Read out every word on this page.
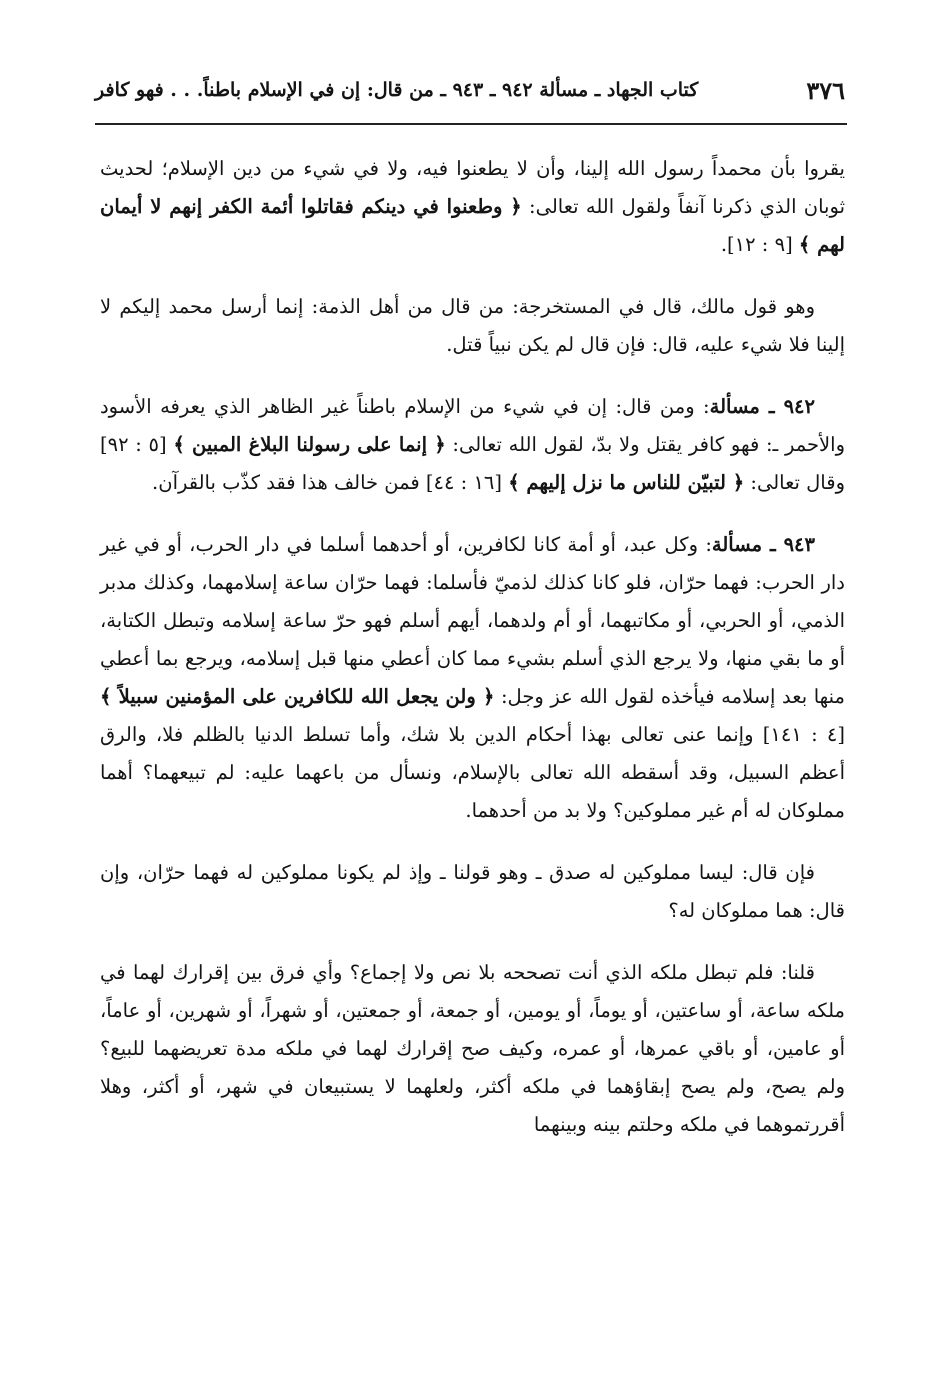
٣٧٦
كتاب الجهاد ـ مسألة ٩٤٢ ـ ٩٤٣ ـ من قال: إن في الإسلام باطناً. . . فهو كافر

يقروا بأن محمداً رسول الله إلينا، وأن لا يطعنوا فيه، ولا في شيء من دين الإسلام؛ لحديث ثوبان الذي ذكرنا آنفاً ولقول الله تعالى: ﴿ وطعنوا في دينكم فقاتلوا أئمة الكفر إنهم لا أيمان لهم ﴾ [٩ : ١٢].

وهو قول مالك، قال في المستخرجة: من قال من أهل الذمة: إنما أرسل محمد إليكم لا إلينا فلا شيء عليه، قال: فإن قال لم يكن نبياً قتل.

٩٤٢ ـ مسألة: ومن قال: إن في شيء من الإسلام باطناً غير الظاهر الذي يعرفه الأسود والأحمر ـ: فهو كافر يقتل ولا بدّ، لقول الله تعالى: ﴿ إنما على رسولنا البلاغ المبين ﴾ [٥ : ٩٢] وقال تعالى: ﴿ لتبيّن للناس ما نزل إليهم ﴾ [١٦ : ٤٤] فمن خالف هذا فقد كذّب بالقرآن.

٩٤٣ ـ مسألة: وكل عبد، أو أمة كانا لكافرين، أو أحدهما أسلما في دار الحرب، أو في غير دار الحرب: فهما حرّان، فلو كانا كذلك لذميّ فأسلما: فهما حرّان ساعة إسلامهما، وكذلك مدبر الذمي، أو الحربي، أو مكاتبهما، أو أم ولدهما، أيهم أسلم فهو حرّ ساعة إسلامه وتبطل الكتابة، أو ما بقي منها، ولا يرجع الذي أسلم بشيء مما كان أعطي منها قبل إسلامه، ويرجع بما أعطي منها بعد إسلامه فيأخذه لقول الله عز وجل: ﴿ ولن يجعل الله للكافرين على المؤمنين سبيلاً ﴾ [٤ : ١٤١] وإنما عنى تعالى بهذا أحكام الدين بلا شك، وأما تسلط الدنيا بالظلم فلا، والرق أعظم السبيل، وقد أسقطه الله تعالى بالإسلام، ونسأل من باعهما عليه: لم تبيعهما؟ أهما مملوكان له أم غير مملوكين؟ ولا بد من أحدهما.

فإن قال: ليسا مملوكين له صدق ـ وهو قولنا ـ وإذ لم يكونا مملوكين له فهما حرّان، وإن قال: هما مملوكان له؟

قلنا: فلم تبطل ملكه الذي أنت تصححه بلا نص ولا إجماع؟ وأي فرق بين إقرارك لهما في ملكه ساعة، أو ساعتين، أو يوماً، أو يومين، أو جمعة، أو جمعتين، أو شهراً، أو شهرين، أو عاماً، أو عامين، أو باقي عمرها، أو عمره، وكيف صح إقرارك لهما في ملكه مدة تعريضهما للبيع؟ ولم يصح، ولم يصح إبقاؤهما في ملكه أكثر، ولعلهما لا يستبيعان في شهر، أو أكثر، وهلا أقررتموهما في ملكه وحلتم بينه وبينهما
